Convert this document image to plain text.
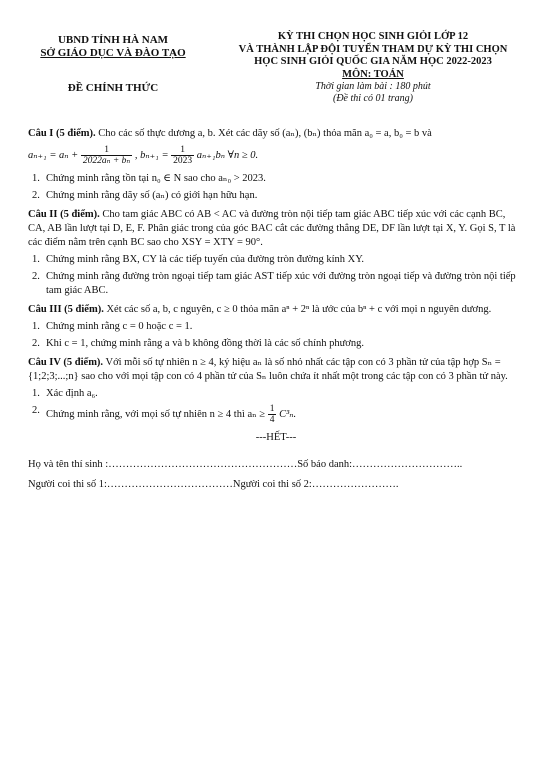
UBND TỈNH HÀ NAM
SỞ GIÁO DỤC VÀ ĐÀO TẠO
ĐỀ CHÍNH THỨC
KỲ THI CHỌN HỌC SINH GIỎI LỚP 12
VÀ THÀNH LẬP ĐỘI TUYỂN THAM DỰ KỲ THI CHỌN
HỌC SINH GIỎI QUỐC GIA NĂM HỌC 2022-2023
MÔN: TOÁN
Thời gian làm bài : 180 phút
(Đề thi có 01 trang)
Câu I (5 điểm). Cho các số thực dương a, b. Xét các dãy số (aₙ), (bₙ) thỏa mãn a₀ = a, b₀ = b và
$a_{n+1} = a_n + \frac{1}{\text{2022aₙ + bₙ}}$ , $b_{n+1} = \frac{1}{2023} a_{n+1}b_n$ ∀n ≥ 0.
1. Chứng minh rằng tồn tại n₀ ∈ N sao cho aₙ₀ > 2023.
2. Chứng minh rằng dãy số (aₙ) có giới hạn hữu hạn.
Câu II (5 điểm). Cho tam giác ABC có AB < AC và đường tròn nội tiếp tam giác ABC tiếp xúc với các cạnh BC, CA, AB lần lượt tại D, E, F. Phân giác trong của góc BAC cắt các đường thẳng DE, DF lần lượt tại X, Y. Gọi S, T là các điểm nằm trên cạnh BC sao cho XSY = XTY = 90°.
1. Chứng minh rằng BX, CY là các tiếp tuyến của đường tròn đường kính XY.
2. Chứng minh rằng đường tròn ngoại tiếp tam giác AST tiếp xúc với đường tròn ngoại tiếp và đường tròn nội tiếp tam giác ABC.
Câu III (5 điểm). Xét các số a, b, c nguyên, c ≥ 0 thỏa mãn aⁿ + 2ⁿ là ước của bⁿ + c với mọi n nguyên dương.
1. Chứng minh rằng c = 0 hoặc c = 1.
2. Khi c = 1, chứng minh rằng a và b không đồng thời là các số chính phương.
Câu IV (5 điểm). Với mỗi số tự nhiên n ≥ 4, ký hiệu aₙ là số nhỏ nhất các tập con có 3 phần tử của tập hợp Sₙ = {1;2;3;...;n} sao cho với mọi tập con có 4 phần tử của Sₙ luôn chứa ít nhất một trong các tập con có 3 phần tử này.
1. Xác định a₆.
2. Chứng minh rằng, với mọi số tự nhiên n ≥ 4 thì $a_n \ge \frac{1}{4} C^3_n$.
---HẾT---
Họ và tên thí sinh :………………………………………………Số báo danh:…………………………..
Người coi thi số 1:………………………………Người coi thi số 2:…………………….
